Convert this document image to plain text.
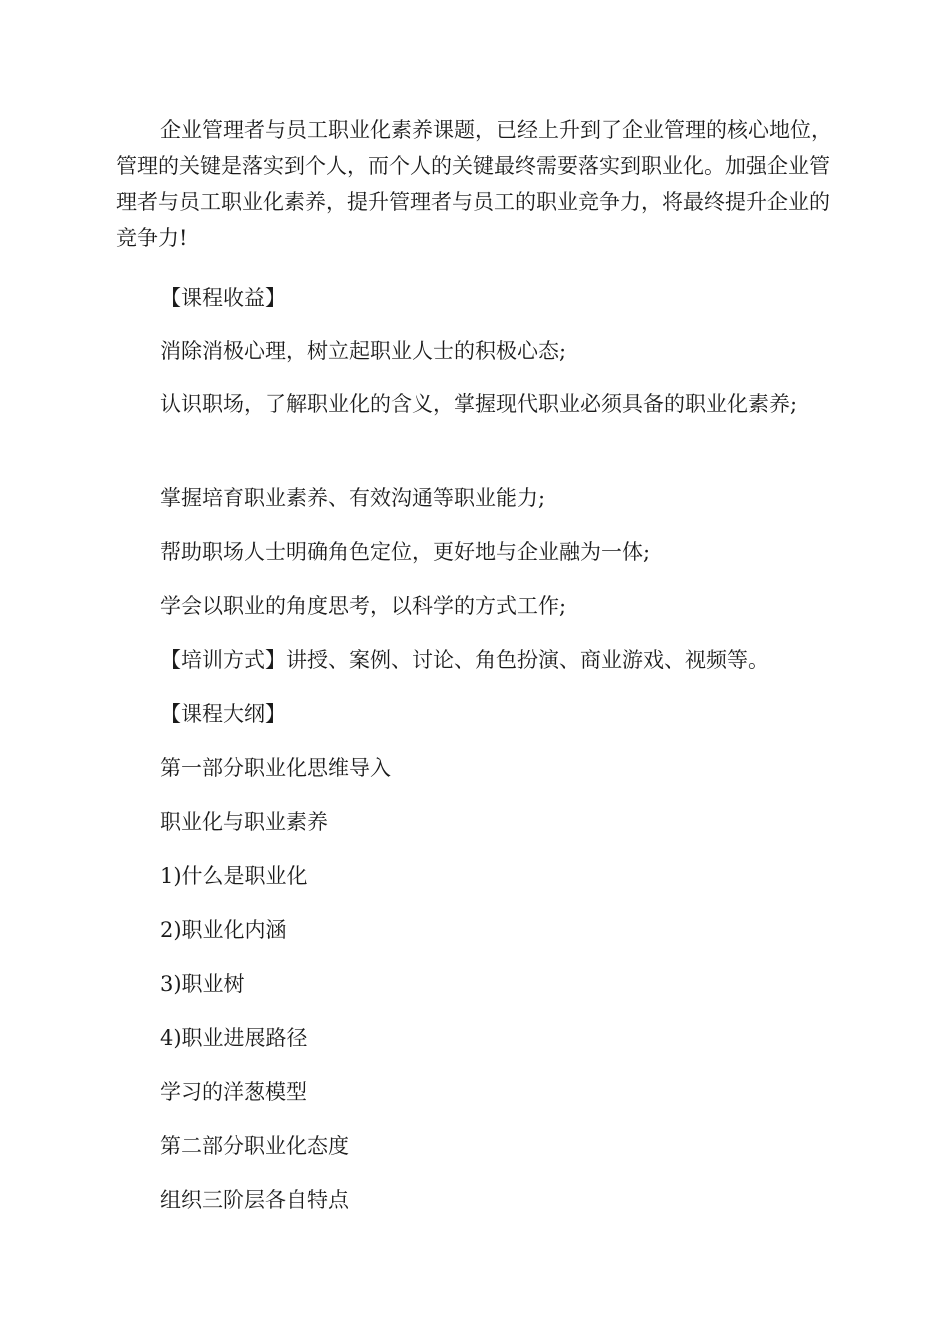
企业管理者与员工职业化素养课题，已经上升到了企业管理的核心地位，管理的关键是落实到个人，而个人的关键最终需要落实到职业化。加强企业管理者与员工职业化素养，提升管理者与员工的职业竞争力，将最终提升企业的竞争力!

【课程收益】

消除消极心理，树立起职业人士的积极心态;

认识职场，了解职业化的含义，掌握现代职业必须具备的职业化素养;

掌握培育职业素养、有效沟通等职业能力;

帮助职场人士明确角色定位，更好地与企业融为一体;

学会以职业的角度思考，以科学的方式工作;

【培训方式】讲授、案例、讨论、角色扮演、商业游戏、视频等。

【课程大纲】

第一部分职业化思维导入

职业化与职业素养

1)什么是职业化

2)职业化内涵

3)职业树

4)职业进展路径

学习的洋葱模型

第二部分职业化态度

组织三阶层各自特点
